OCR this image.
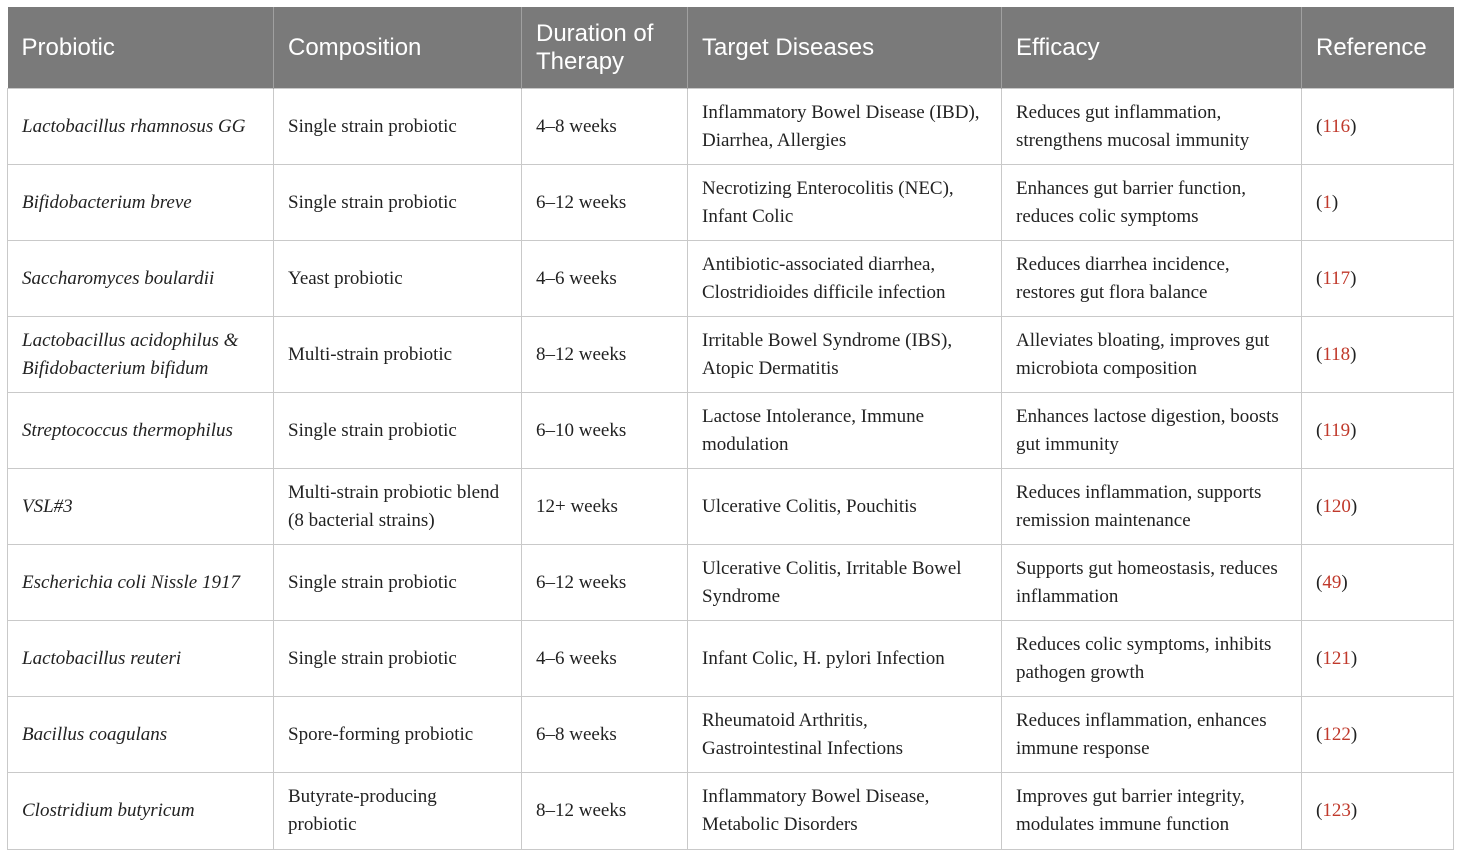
Probiotic	Composition	Duration of Therapy	Target Diseases	Efficacy	Reference
Lactobacillus rhamnosus GG	Single strain probiotic	4–8 weeks	Inflammatory Bowel Disease (IBD), Diarrhea, Allergies	Reduces gut inflammation, strengthens mucosal immunity	(116)
Bifidobacterium breve	Single strain probiotic	6–12 weeks	Necrotizing Enterocolitis (NEC), Infant Colic	Enhances gut barrier function, reduces colic symptoms	(1)
Saccharomyces boulardii	Yeast probiotic	4–6 weeks	Antibiotic-associated diarrhea, Clostridioides difficile infection	Reduces diarrhea incidence, restores gut flora balance	(117)
Lactobacillus acidophilus & Bifidobacterium bifidum	Multi-strain probiotic	8–12 weeks	Irritable Bowel Syndrome (IBS), Atopic Dermatitis	Alleviates bloating, improves gut microbiota composition	(118)
Streptococcus thermophilus	Single strain probiotic	6–10 weeks	Lactose Intolerance, Immune modulation	Enhances lactose digestion, boosts gut immunity	(119)
VSL#3	Multi-strain probiotic blend (8 bacterial strains)	12+ weeks	Ulcerative Colitis, Pouchitis	Reduces inflammation, supports remission maintenance	(120)
Escherichia coli Nissle 1917	Single strain probiotic	6–12 weeks	Ulcerative Colitis, Irritable Bowel Syndrome	Supports gut homeostasis, reduces inflammation	(49)
Lactobacillus reuteri	Single strain probiotic	4–6 weeks	Infant Colic, H. pylori Infection	Reduces colic symptoms, inhibits pathogen growth	(121)
Bacillus coagulans	Spore-forming probiotic	6–8 weeks	Rheumatoid Arthritis, Gastrointestinal Infections	Reduces inflammation, enhances immune response	(122)
Clostridium butyricum	Butyrate-producing probiotic	8–12 weeks	Inflammatory Bowel Disease, Metabolic Disorders	Improves gut barrier integrity, modulates immune function	(123)
